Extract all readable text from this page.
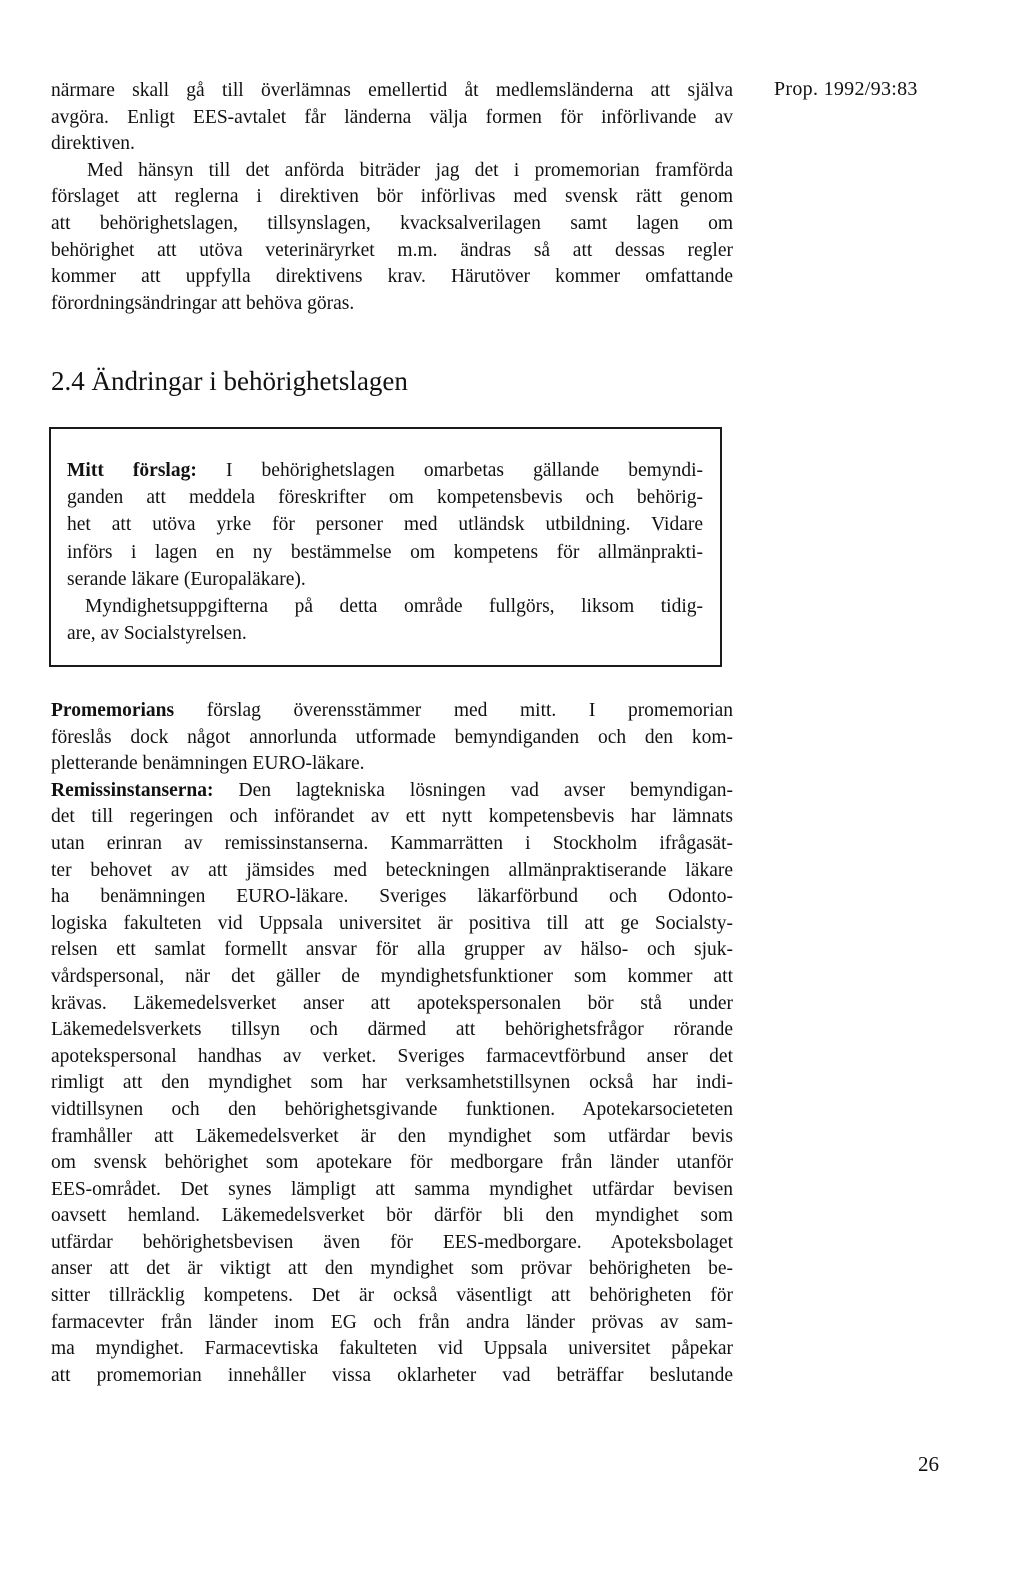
Prop. 1992/93:83

närmare skall gå till överlämnas emellertid åt medlemsländerna att själva
avgöra. Enligt EES-avtalet får länderna välja formen för införlivande av
direktiven.

Med hänsyn till det anförda biträder jag det i promemorian framförda
förslaget att reglerna i direktiven bör införlivas med svensk rätt genom
att behörighetslagen, tillsynslagen, kvacksalverilagen samt lagen om
behörighet att utöva veterinäryrket m.m. ändras så att dessas regler
kommer att uppfylla direktivens krav. Härutöver kommer omfattande
förordningsändringar att behöva göras.

2.4 Ändringar i behörighetslagen

Mitt förslag: I behörighetslagen omarbetas gällande bemyndi-
ganden att meddela föreskrifter om kompetensbevis och behörig-
het att utöva yrke för personer med utländsk utbildning. Vidare
införs i lagen en ny bestämmelse om kompetens för allmänprakti-
serande läkare (Europaläkare).

Myndighetsuppgifterna på detta område fullgörs, liksom tidig-
are, av Socialstyrelsen.

Promemorians förslag överensstämmer med mitt. I promemorian
föreslås dock något annorlunda utformade bemyndiganden och den kom-
pletterande benämningen EURO-läkare.

Remissinstanserna: Den lagtekniska lösningen vad avser bemyndigan-
det till regeringen och införandet av ett nytt kompetensbevis har lämnats
utan erinran av remissinstanserna. Kammarrätten i Stockholm ifrågasät-
ter behovet av att jämsides med beteckningen allmänpraktiserande läkare
ha benämningen EURO-läkare. Sveriges läkarförbund och Odonto-
logiska fakulteten vid Uppsala universitet är positiva till att ge Socialsty-
relsen ett samlat formellt ansvar för alla grupper av hälso- och sjuk-
vårdspersonal, när det gäller de myndighetsfunktioner som kommer att
krävas. Läkemedelsverket anser att apotekspersonalen bör stå under
Läkemedelsverkets tillsyn och därmed att behörighetsfrågor rörande
apotekspersonal handhas av verket. Sveriges farmacevtförbund anser det
rimligt att den myndighet som har verksamhetstillsynen också har indi-
vidtillsynen och den behörighetsgivande funktionen. Apotekarsocieteten
framhåller att Läkemedelsverket är den myndighet som utfärdar bevis
om svensk behörighet som apotekare för medborgare från länder utanför
EES-området. Det synes lämpligt att samma myndighet utfärdar bevisen
oavsett hemland. Läkemedelsverket bör därför bli den myndighet som
utfärdar behörighetsbevisen även för EES-medborgare. Apoteksbolaget
anser att det är viktigt att den myndighet som prövar behörigheten be-
sitter tillräcklig kompetens. Det är också väsentligt att behörigheten för
farmacevter från länder inom EG och från andra länder prövas av sam-
ma myndighet. Farmacevtiska fakulteten vid Uppsala universitet påpekar
att promemorian innehåller vissa oklarheter vad beträffar beslutande

26
